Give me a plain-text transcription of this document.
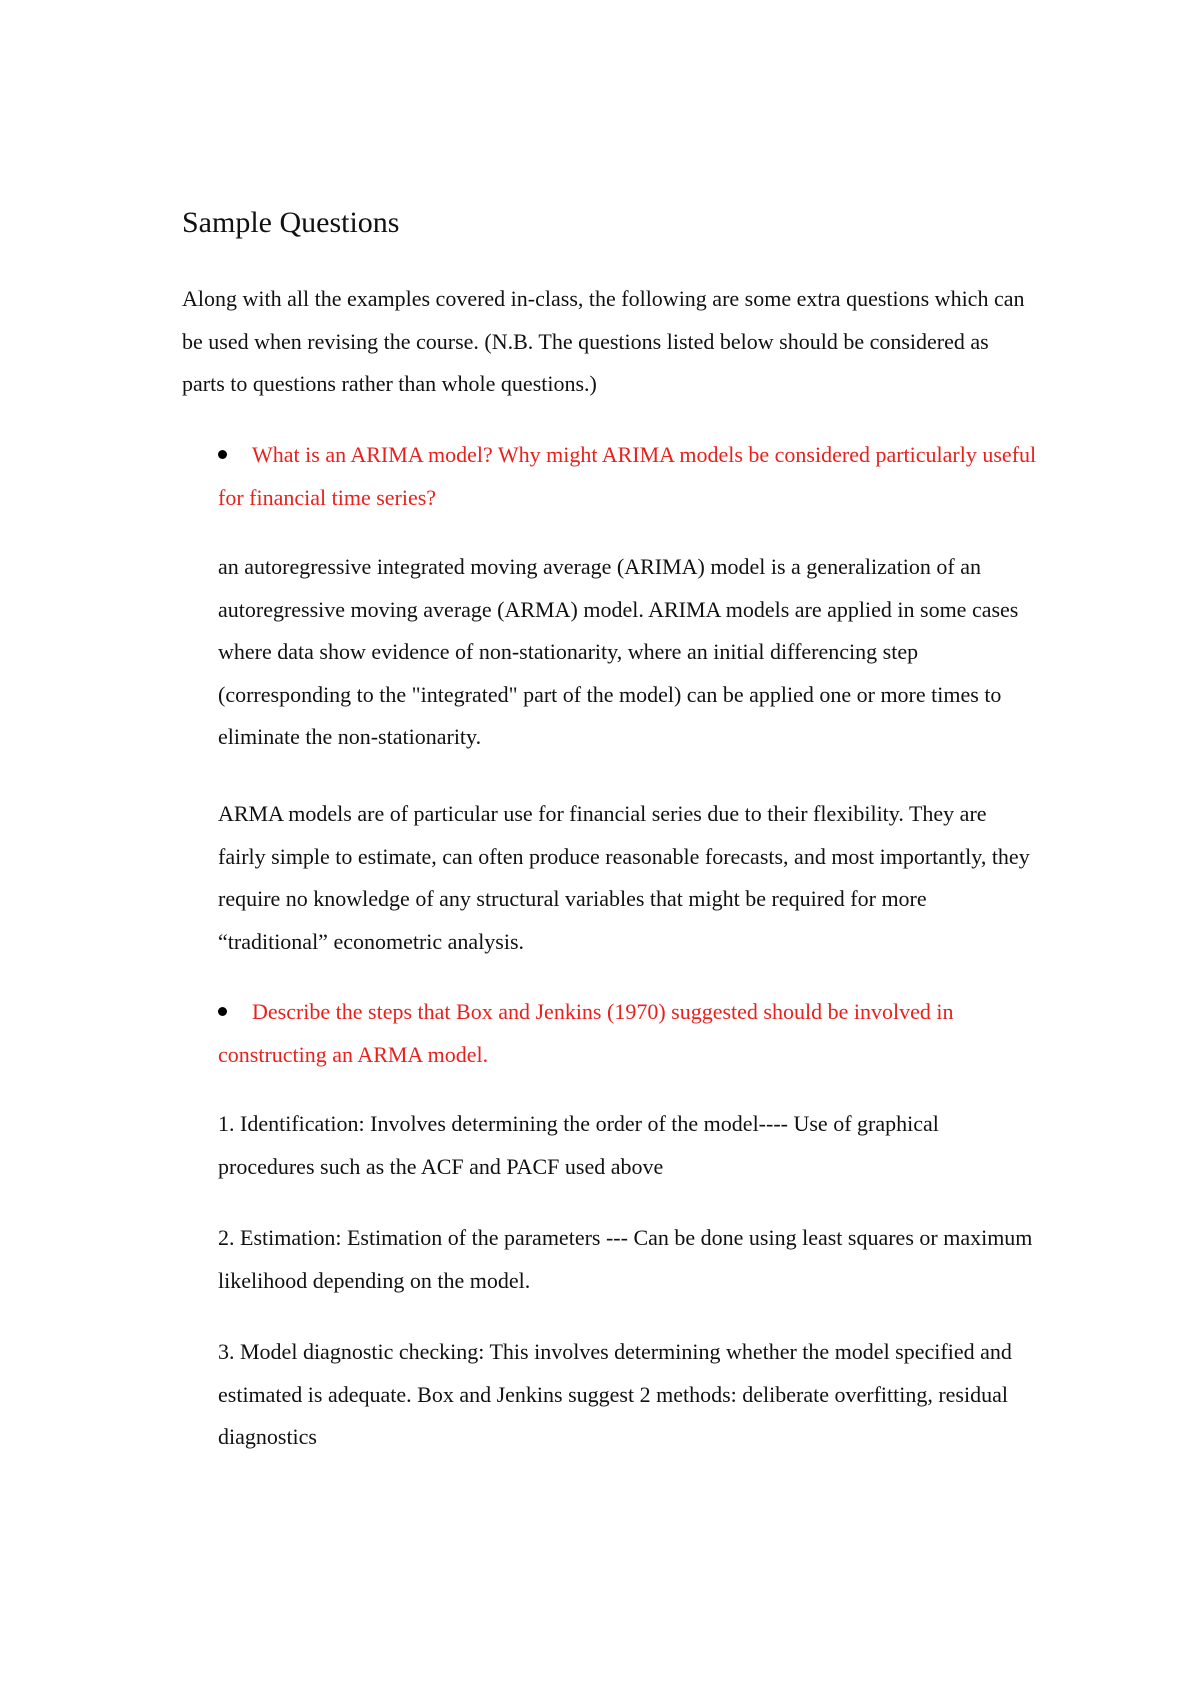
Sample Questions

Along with all the examples covered in-class, the following are some extra questions which can be used when revising the course. (N.B. The questions listed below should be considered as parts to questions rather than whole questions.)

What is an ARIMA model? Why might ARIMA models be considered particularly useful for financial time series?

an autoregressive integrated moving average (ARIMA) model is a generalization of an autoregressive moving average (ARMA) model. ARIMA models are applied in some cases where data show evidence of non-stationarity, where an initial differencing step (corresponding to the "integrated" part of the model) can be applied one or more times to eliminate the non-stationarity.

ARMA models are of particular use for financial series due to their flexibility. They are fairly simple to estimate, can often produce reasonable forecasts, and most importantly, they require no knowledge of any structural variables that might be required for more “traditional” econometric analysis.

Describe the steps that Box and Jenkins (1970) suggested should be involved in constructing an ARMA model.

1. Identification: Involves determining the order of the model---- Use of graphical procedures such as the ACF and PACF used above

2. Estimation: Estimation of the parameters --- Can be done using least squares or maximum likelihood depending on the model.

3. Model diagnostic checking: This involves determining whether the model specified and estimated is adequate. Box and Jenkins suggest 2 methods: deliberate overfitting, residual diagnostics
